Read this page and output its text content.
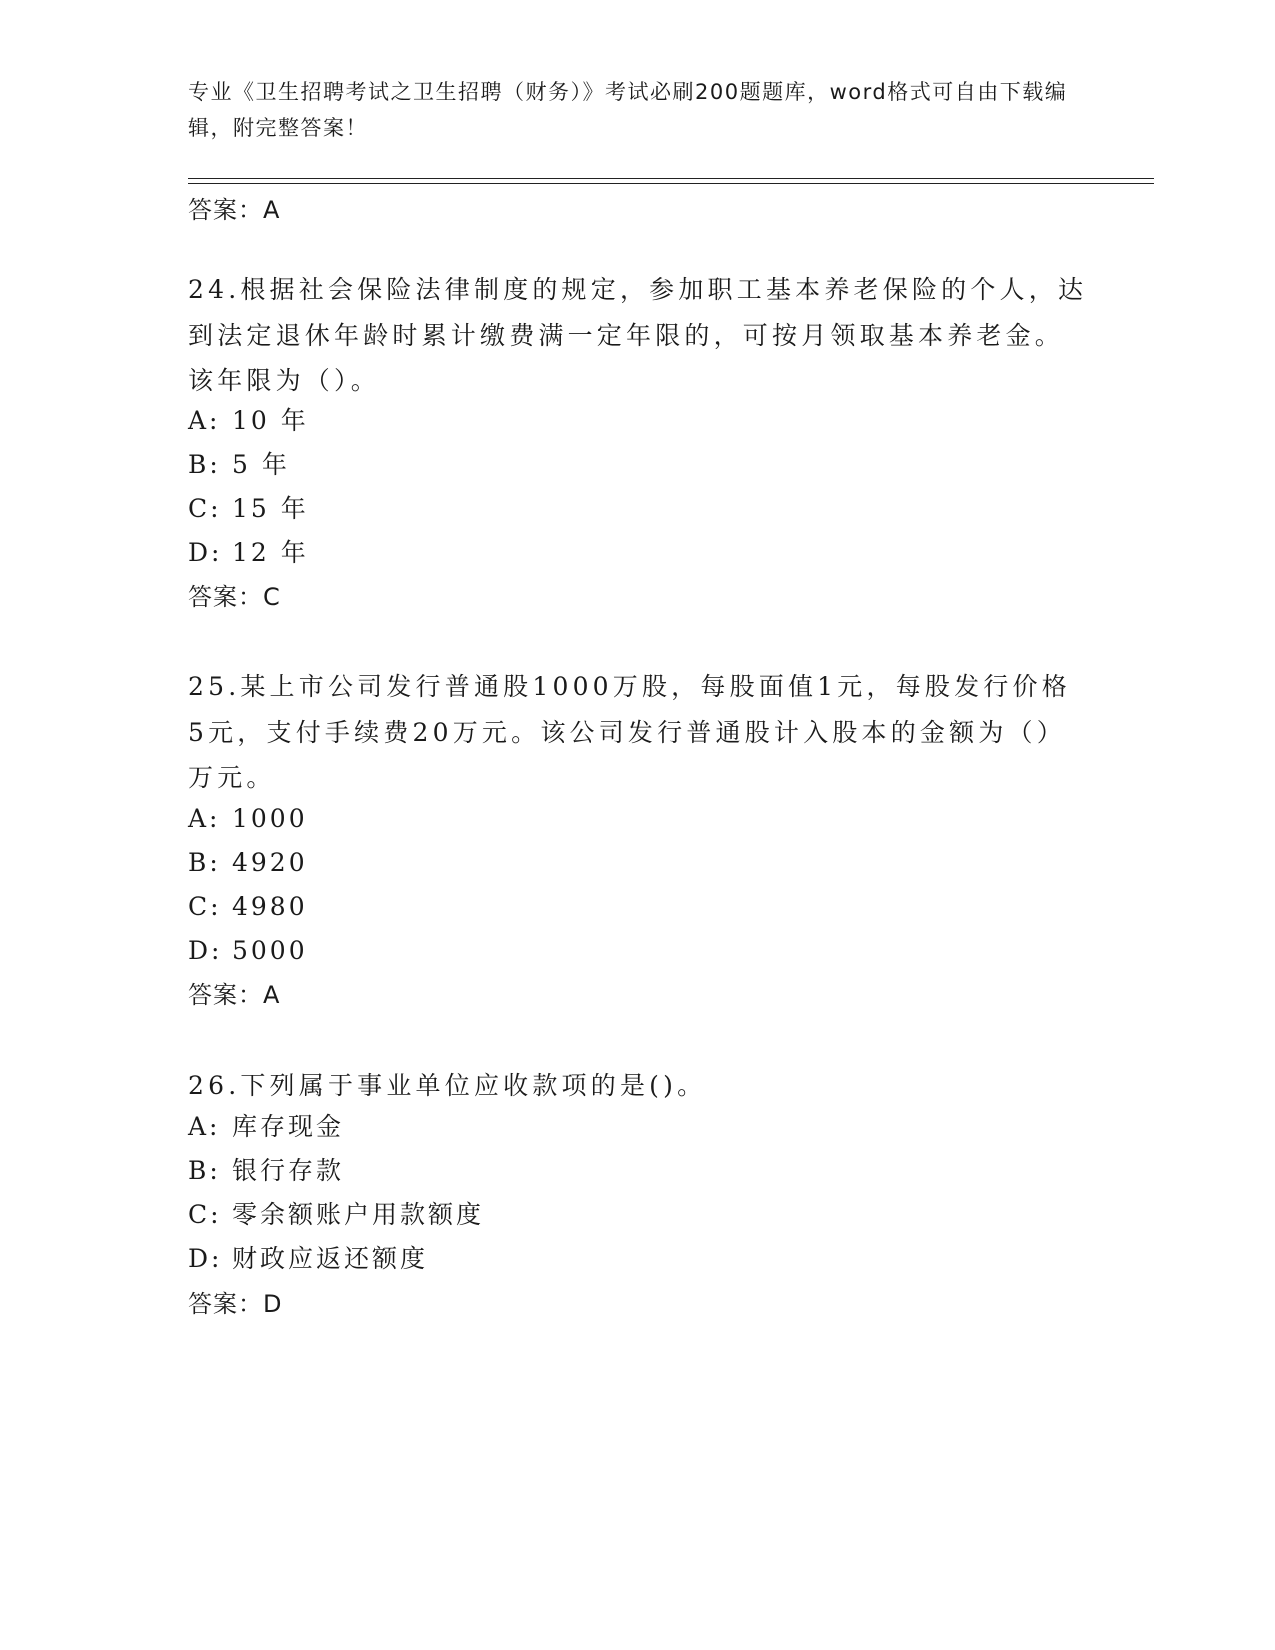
专业《卫生招聘考试之卫生招聘（财务）》考试必刷200题题库，word格式可自由下载编辑，附完整答案！
答案：A
24.根据社会保险法律制度的规定，参加职工基本养老保险的个人，达到法定退休年龄时累计缴费满一定年限的，可按月领取基本养老金。该年限为（）。
A: 10 年
B: 5 年
C: 15 年
D: 12 年
答案：C
25.某上市公司发行普通股1000万股，每股面值1元，每股发行价格5元，支付手续费20万元。该公司发行普通股计入股本的金额为（）万元。
A: 1000
B: 4920
C: 4980
D: 5000
答案：A
26.下列属于事业单位应收款项的是()。
A: 库存现金
B: 银行存款
C: 零余额账户用款额度
D: 财政应返还额度
答案：D
